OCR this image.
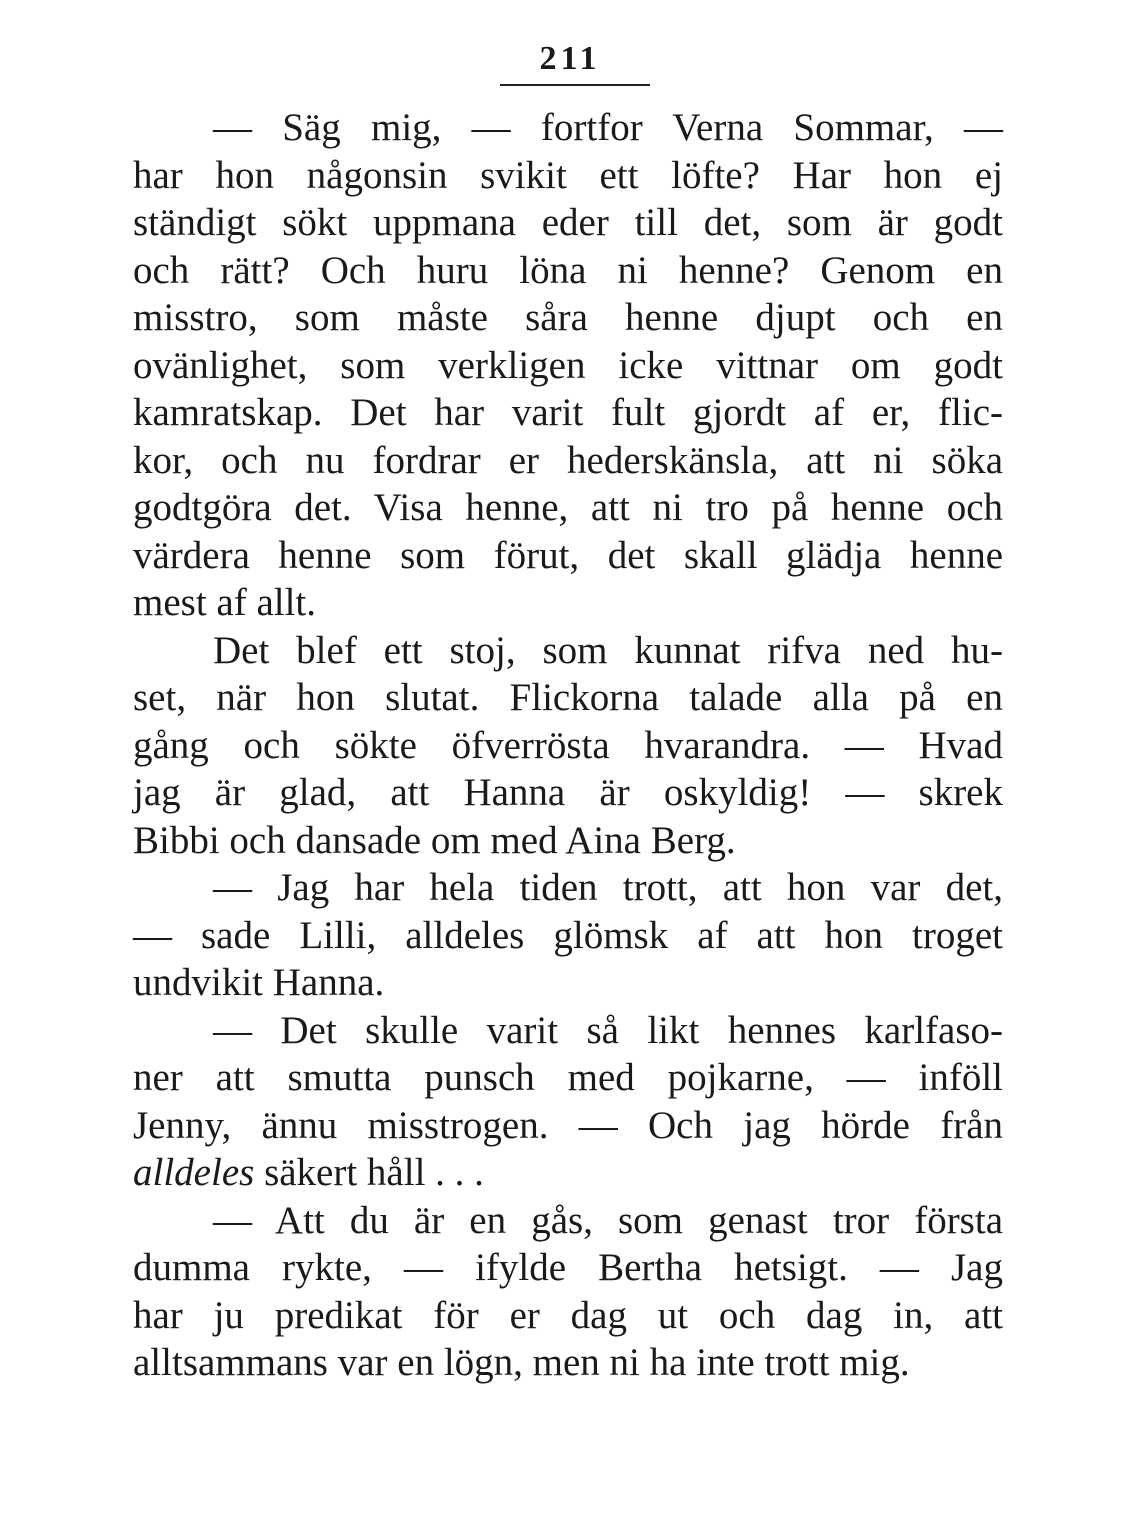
211
— Säg mig, — fortfor Verna Sommar, —
har hon någonsin svikit ett löfte? Har hon ej
ständigt sökt uppmana eder till det, som är godt
och rätt? Och huru löna ni henne? Genom en
misstro, som måste såra henne djupt och en
ovänlighet, som verkligen icke vittnar om godt
kamratskap. Det har varit fult gjordt af er, flic-
kor, och nu fordrar er hederskänsla, att ni söka
godtgöra det. Visa henne, att ni tro på henne och
värdera henne som förut, det skall glädja henne
mest af allt.
Det blef ett stoj, som kunnat rifva ned hu-
set, när hon slutat. Flickorna talade alla på en
gång och sökte öfverrösta hvarandra. — Hvad
jag är glad, att Hanna är oskyldig! — skrek
Bibbi och dansade om med Aina Berg.
— Jag har hela tiden trott, att hon var det,
— sade Lilli, alldeles glömsk af att hon troget
undvikit Hanna.
— Det skulle varit så likt hennes karlfaso-
ner att smutta punsch med pojkarne, — inföll
Jenny, ännu misstrogen. — Och jag hörde från
alldeles säkert håll . . .
— Att du är en gås, som genast tror första
dumma rykte, — ifylde Bertha hetsigt. — Jag
har ju predikat för er dag ut och dag in, att
alltsammans var en lögn, men ni ha inte trott mig.
